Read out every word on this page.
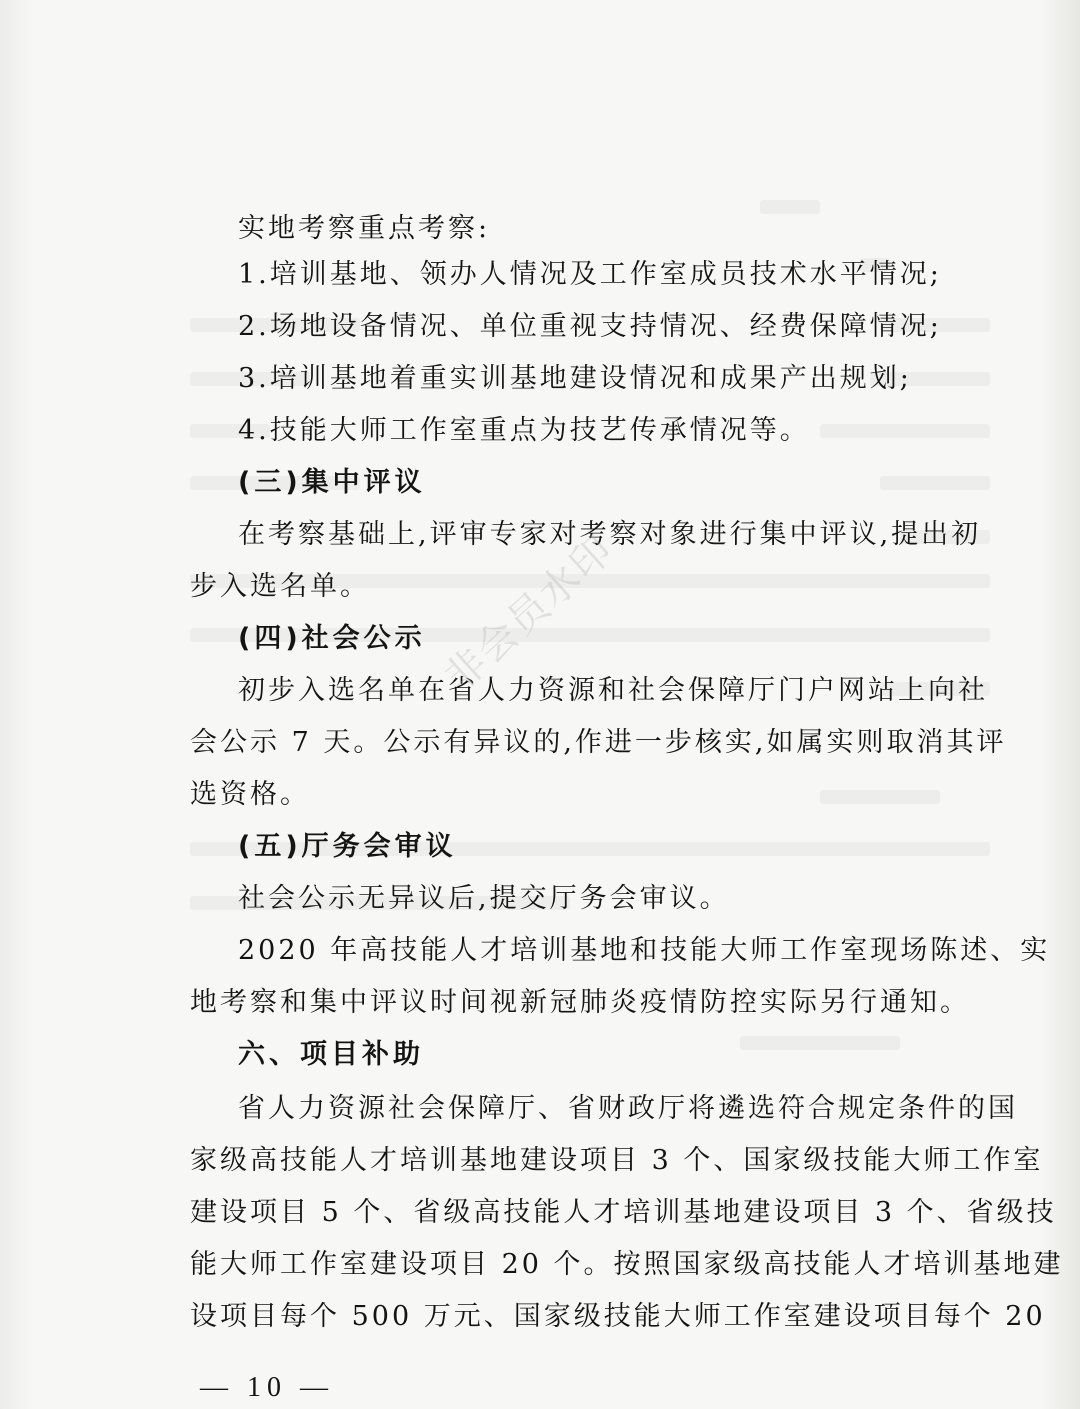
实地考察重点考察:
1.培训基地、领办人情况及工作室成员技术水平情况;
2.场地设备情况、单位重视支持情况、经费保障情况;
3.培训基地着重实训基地建设情况和成果产出规划;
4.技能大师工作室重点为技艺传承情况等。
(三)集中评议
在考察基础上,评审专家对考察对象进行集中评议,提出初
步入选名单。
(四)社会公示
初步入选名单在省人力资源和社会保障厅门户网站上向社
会公示 7 天。公示有异议的,作进一步核实,如属实则取消其评
选资格。
(五)厅务会审议
社会公示无异议后,提交厅务会审议。
2020 年高技能人才培训基地和技能大师工作室现场陈述、实
地考察和集中评议时间视新冠肺炎疫情防控实际另行通知。
六、项目补助
省人力资源社会保障厅、省财政厅将遴选符合规定条件的国
家级高技能人才培训基地建设项目 3 个、国家级技能大师工作室
建设项目 5 个、省级高技能人才培训基地建设项目 3 个、省级技
能大师工作室建设项目 20 个。按照国家级高技能人才培训基地建
设项目每个 500 万元、国家级技能大师工作室建设项目每个 20
非会员水印
— 10 —
